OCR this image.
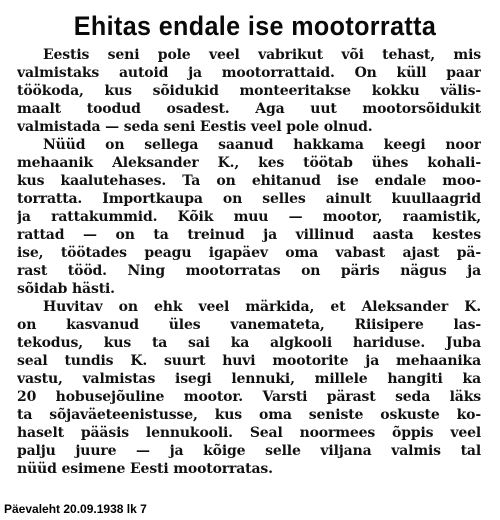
Ehitas endale ise mootorratta
Eestis seni pole veel vabrikut või tehast, mis
valmistaks autoid ja mootorrattaid. On küll paar
töökoda, kus sõidukid monteeritakse kokku välis-
maalt toodud osadest. Aga uut mootorsõidukit
valmistada — seda seni Eestis veel pole olnud.
Nüüd on sellega saanud hakkama keegi noor
mehaanik Aleksander K., kes töötab ühes kohali-
kus kaalutehases. Ta on ehitanud ise endale moo-
torratta. Importkaupa on selles ainult kuullaagrid
ja rattakummid. Kõik muu — mootor, raamistik,
rattad — on ta treinud ja villinud aasta kestes
ise, töötades peagu igapäev oma vabast ajast pä-
rast tööd. Ning mootorratas on päris nägus ja
sõidab hästi.
Huvitav on ehk veel märkida, et Aleksander K.
on kasvanud üles vanemateta, Riisipere las-
tekodus, kus ta sai ka algkooli hariduse. Juba
seal tundis K. suurt huvi mootorite ja mehaanika
vastu, valmistas isegi lennuki, millele hangiti ka
20 hobusejõuline mootor. Varsti pärast seda läks
ta sõjaväeteenistusse, kus oma seniste oskuste ko-
haselt pääsis lennukooli. Seal noormees õppis veel
palju juure — ja kõige selle viljana valmis tal
nüüd esimene Eesti mootorratas.
Päevaleht 20.09.1938 lk 7
